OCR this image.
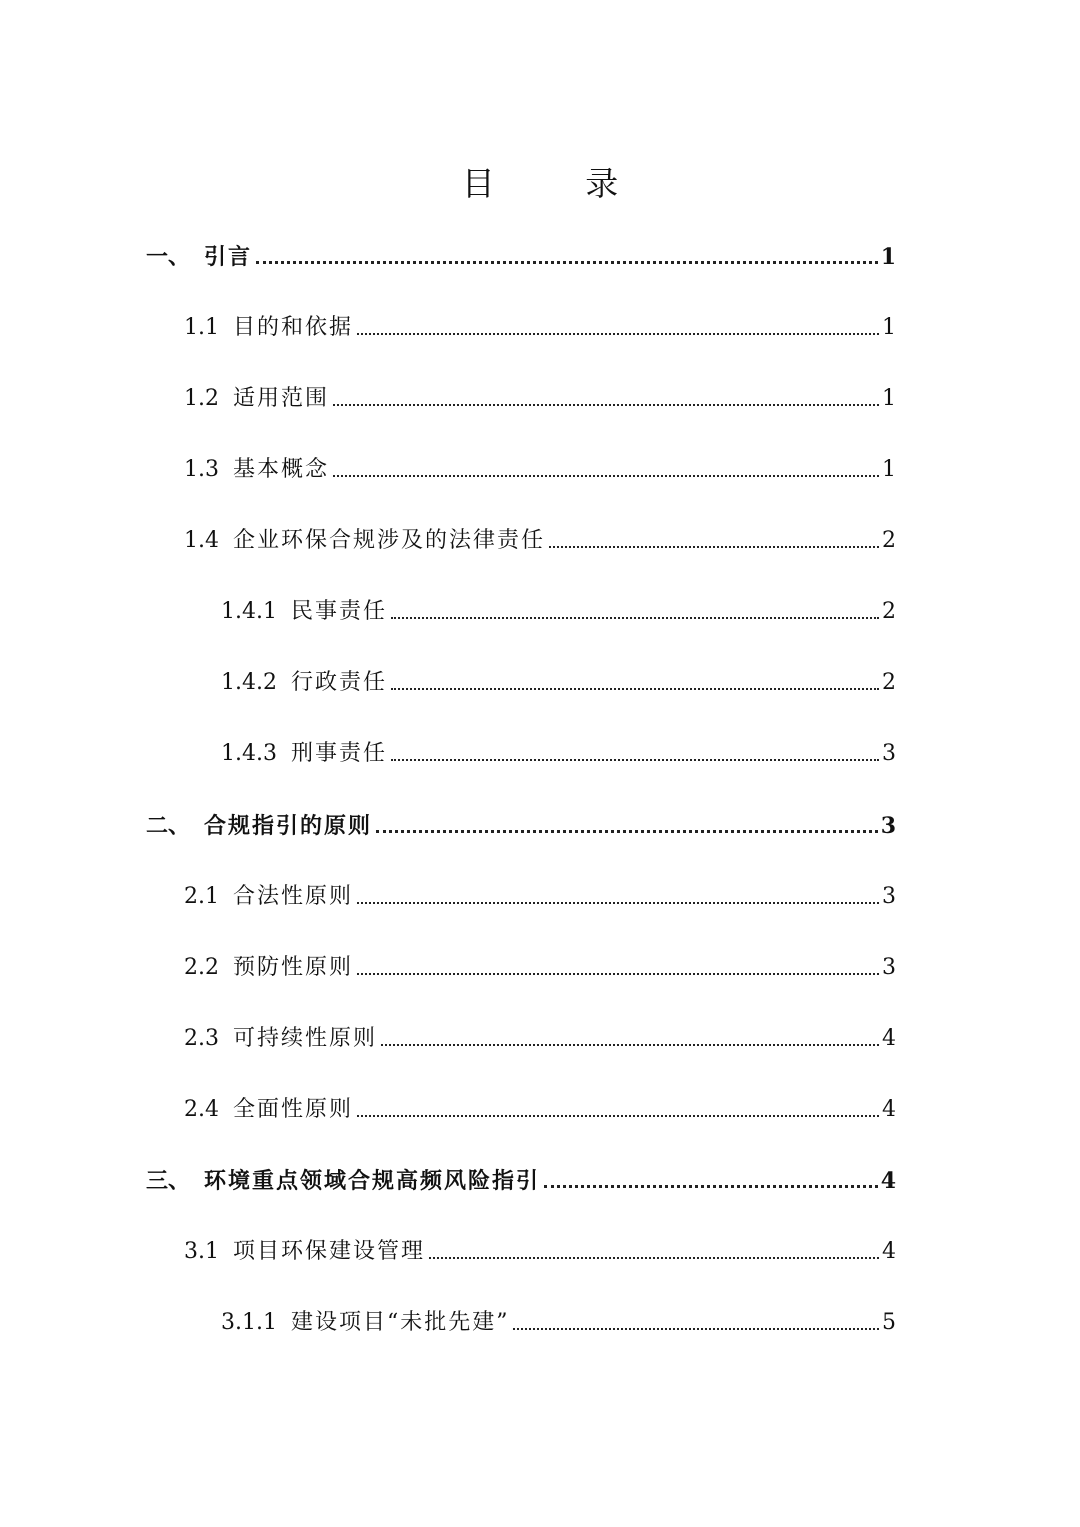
目 录
一、 引言	1
1.1 目的和依据	1
1.2 适用范围	1
1.3 基本概念	1
1.4 企业环保合规涉及的法律责任	2
1.4.1 民事责任	2
1.4.2 行政责任	2
1.4.3 刑事责任	3
二、 合规指引的原则	3
2.1 合法性原则	3
2.2 预防性原则	3
2.3 可持续性原则	4
2.4 全面性原则	4
三、 环境重点领域合规高频风险指引	4
3.1 项目环保建设管理	4
3.1.1 建设项目“未批先建”	5
